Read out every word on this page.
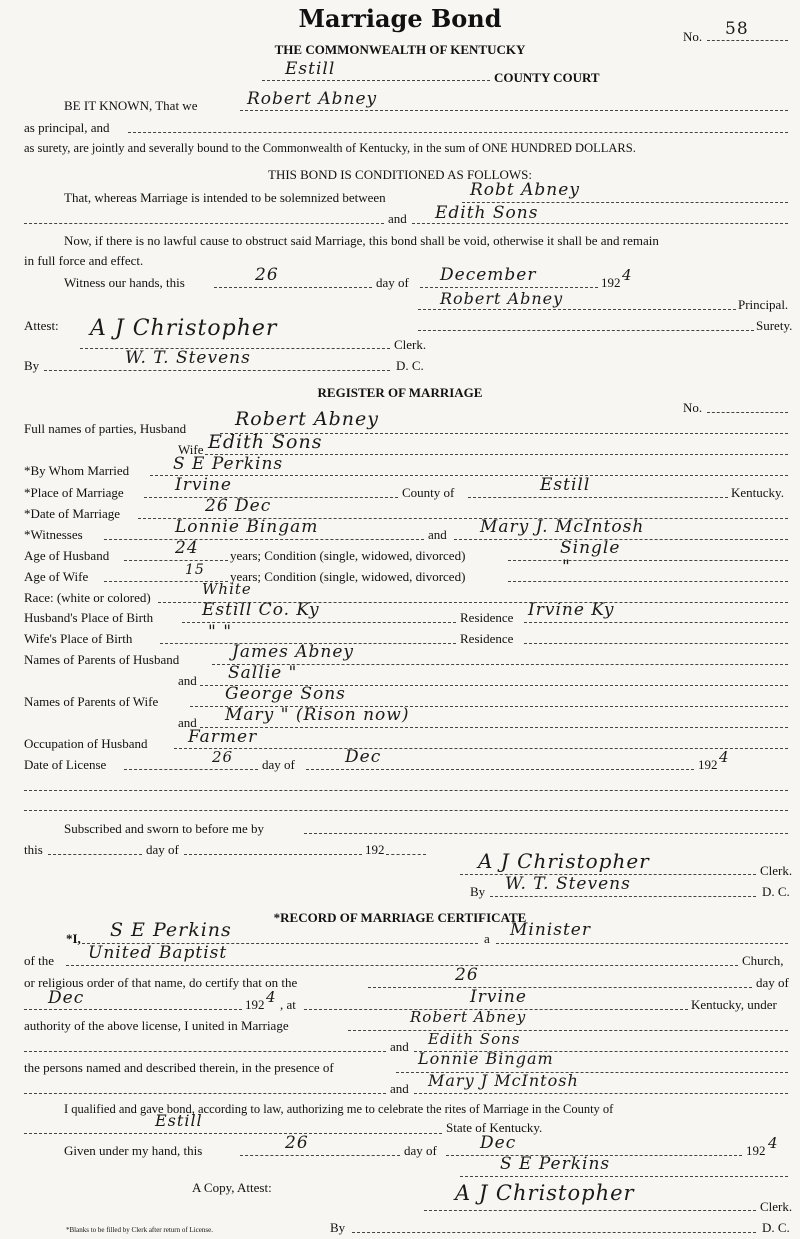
Marriage Bond
No. 58
THE COMMONWEALTH OF KENTUCKY
Estill	COUNTY COURT
BE IT KNOWN, That we	Robert Abney
as principal, and
as surety, are jointly and severally bound to the Commonwealth of Kentucky, in the sum of ONE HUNDRED DOLLARS.
THIS BOND IS CONDITIONED AS FOLLOWS:
That, whereas Marriage is intended to be solemnized between	Robt Abney
and Edith Sons
Now, if there is no lawful cause to obstruct said Marriage, this bond shall be void, otherwise it shall be and remain
in full force and effect.
Witness our hands, this	26	day of December	192 4
Robert Abney	Principal.
Attest:	Surety.
A J Christopher
Clerk.
By	W. T. Stevens	D. C.
REGISTER OF MARRIAGE
No.
Full names of parties, Husband	Robert Abney
Wife Edith Sons
*By Whom Married	S E Perkins
*Place of Marriage	Irvine	County of	Estill	Kentucky.
*Date of Marriage	26 Dec
*Witnesses	Lonnie Bingam	and Mary J. McIntosh
Age of Husband	24 years; Condition (single, widowed, divorced)	Single
Age of Wife	15 years; Condition (single, widowed, divorced)	"
Race: (white or colored)	White
Husband's Place of Birth	Estill Co. Ky	Residence Irvine Ky
Wife's Place of Birth	" "	Residence
Names of Parents of Husband	James Abney
and Sallie "
Names of Parents of Wife	George Sons
and Mary " (Rison now)
Occupation of Husband Farmer
Date of License	26 day of	Dec	192 4
Subscribed and sworn to before me by
this	day of	192	A J Christopher	Clerk.
By W. T. Stevens	D. C.
*RECORD OF MARRIAGE CERTIFICATE
*I, S E Perkins	a Minister
of the United Baptist	Church,
or religious order of that name, do certify that on the	26	day of
Dec	192 4 , at	Irvine	Kentucky, under
authority of the above license, I united in Marriage	Robert Abney
and Edith Sons
the persons named and described therein, in the presence of	Lonnie Bingam
and Mary J McIntosh
I qualified and gave bond, according to law, authorizing me to celebrate the rites of Marriage in the County of
Estill	State of Kentucky.
Given under my hand, this	26	day of	Dec	192 4
S E Perkins
A Copy, Attest:	A J Christopher
Clerk.
By	D. C.
*Blanks to be filled by Clerk after return of License.
